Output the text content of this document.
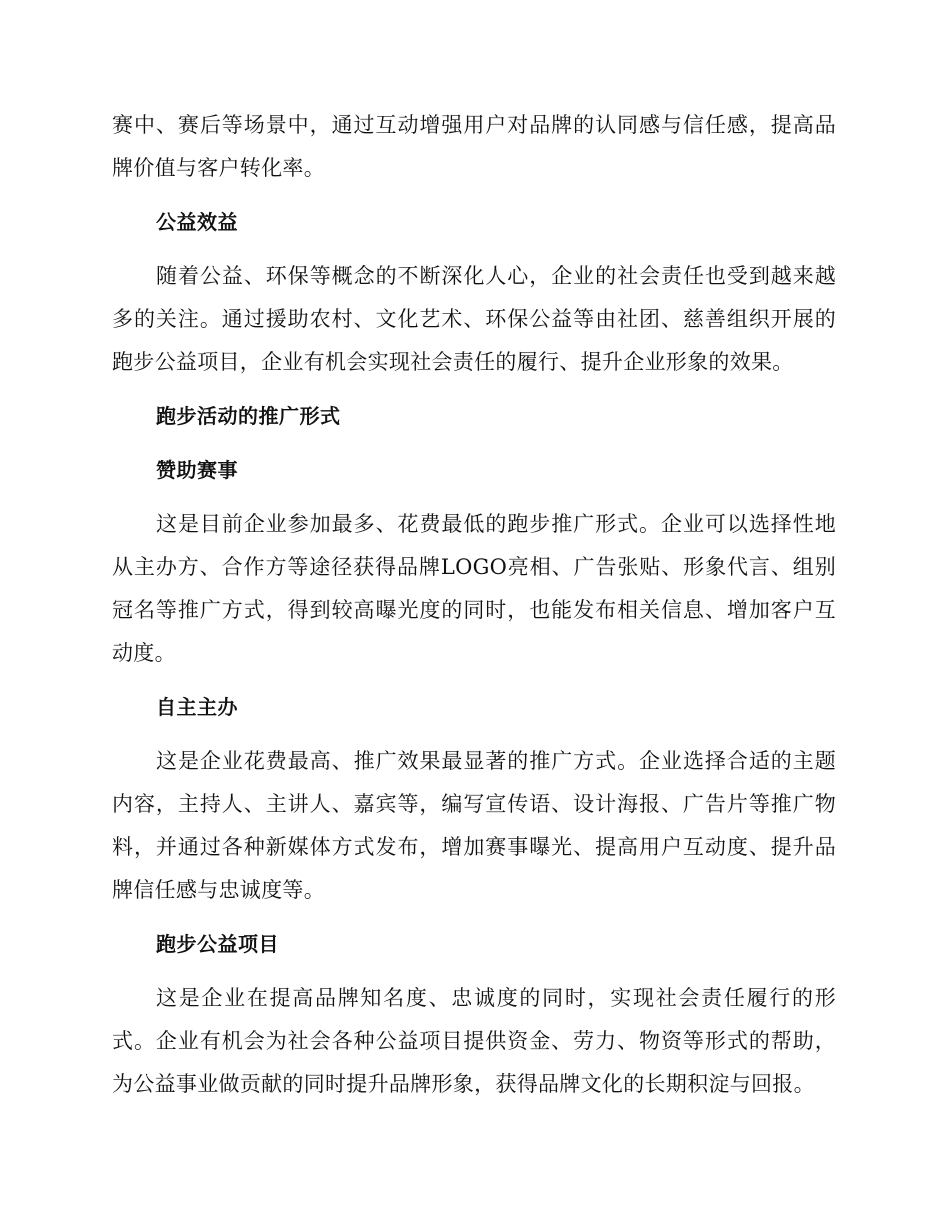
赛中、赛后等场景中，通过互动增强用户对品牌的认同感与信任感，提高品牌价值与客户转化率。

公益效益

随着公益、环保等概念的不断深化人心，企业的社会责任也受到越来越多的关注。通过援助农村、文化艺术、环保公益等由社团、慈善组织开展的跑步公益项目，企业有机会实现社会责任的履行、提升企业形象的效果。

跑步活动的推广形式

赞助赛事

这是目前企业参加最多、花费最低的跑步推广形式。企业可以选择性地从主办方、合作方等途径获得品牌LOGO亮相、广告张贴、形象代言、组别冠名等推广方式，得到较高曝光度的同时，也能发布相关信息、增加客户互动度。

自主主办

这是企业花费最高、推广效果最显著的推广方式。企业选择合适的主题内容，主持人、主讲人、嘉宾等，编写宣传语、设计海报、广告片等推广物料，并通过各种新媒体方式发布，增加赛事曝光、提高用户互动度、提升品牌信任感与忠诚度等。

跑步公益项目

这是企业在提高品牌知名度、忠诚度的同时，实现社会责任履行的形式。企业有机会为社会各种公益项目提供资金、劳力、物资等形式的帮助，为公益事业做贡献的同时提升品牌形象，获得品牌文化的长期积淀与回报。
